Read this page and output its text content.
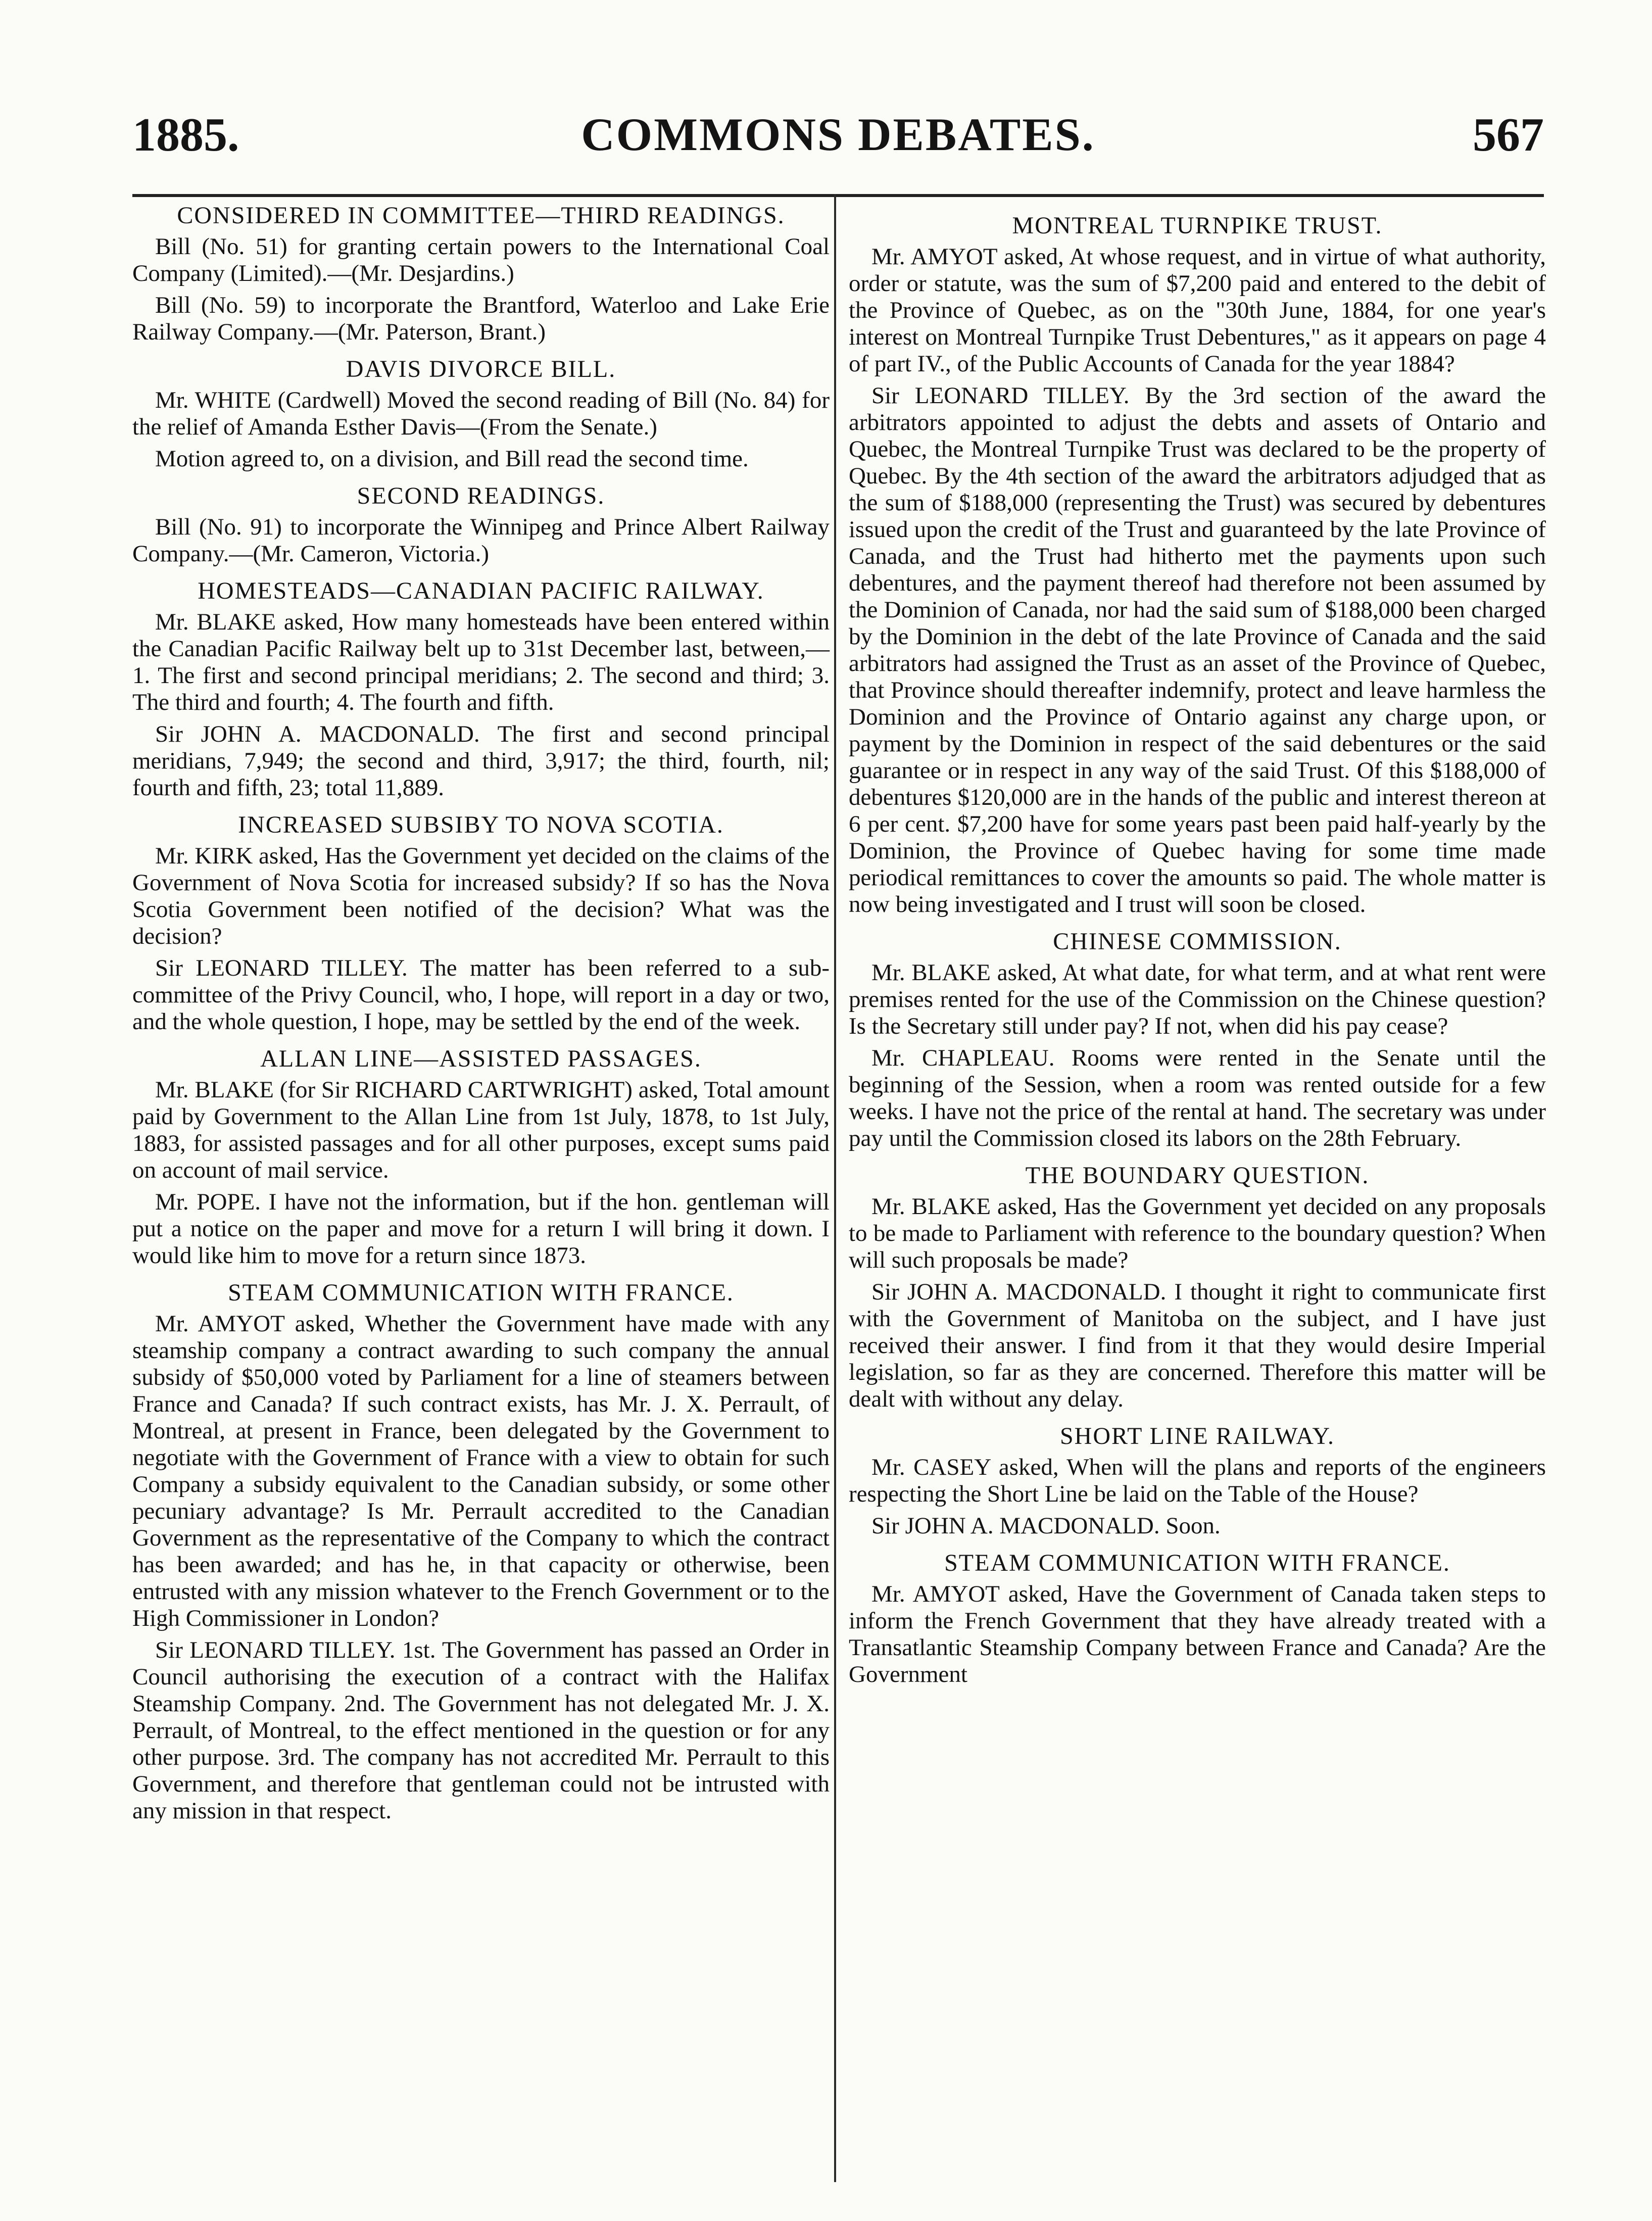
1885.	COMMONS DEBATES.	567
CONSIDERED IN COMMITTEE—THIRD READINGS.

Bill (No. 51) for granting certain powers to the International Coal Company (Limited).—(Mr. Desjardins.)

Bill (No. 59) to incorporate the Brantford, Waterloo and Lake Erie Railway Company.—(Mr. Paterson, Brant.)

DAVIS DIVORCE BILL.

Mr. WHITE (Cardwell) Moved the second reading of Bill (No. 84) for the relief of Amanda Esther Davis—(From the Senate.)

Motion agreed to, on a division, and Bill read the second time.

SECOND READINGS.

Bill (No. 91) to incorporate the Winnipeg and Prince Albert Railway Company.—(Mr. Cameron, Victoria.)

HOMESTEADS—CANADIAN PACIFIC RAILWAY.

Mr. BLAKE asked, How many homesteads have been entered within the Canadian Pacific Railway belt up to 31st December last, between,—1. The first and second principal meridians; 2. The second and third; 3. The third and fourth; 4. The fourth and fifth.

Sir JOHN A. MACDONALD. The first and second principal meridians, 7,949; the second and third, 3,917; the third, fourth, nil; fourth and fifth, 23; total 11,889.

INCREASED SUBSIBY TO NOVA SCOTIA.

Mr. KIRK asked, Has the Government yet decided on the claims of the Government of Nova Scotia for increased subsidy? If so has the Nova Scotia Government been notified of the decision? What was the decision?

Sir LEONARD TILLEY. The matter has been referred to a sub-committee of the Privy Council, who, I hope, will report in a day or two, and the whole question, I hope, may be settled by the end of the week.

ALLAN LINE—ASSISTED PASSAGES.

Mr. BLAKE (for Sir RICHARD CARTWRIGHT) asked, Total amount paid by Government to the Allan Line from 1st July, 1878, to 1st July, 1883, for assisted passages and for all other purposes, except sums paid on account of mail service.

Mr. POPE. I have not the information, but if the hon. gentleman will put a notice on the paper and move for a return I will bring it down. I would like him to move for a return since 1873.

STEAM COMMUNICATION WITH FRANCE.

Mr. AMYOT asked, Whether the Government have made with any steamship company a contract awarding to such company the annual subsidy of $50,000 voted by Parliament for a line of steamers between France and Canada? If such contract exists, has Mr. J. X. Perrault, of Montreal, at present in France, been delegated by the Government to negotiate with the Government of France with a view to obtain for such Company a subsidy equivalent to the Canadian subsidy, or some other pecuniary advantage? Is Mr. Perrault accredited to the Canadian Government as the representative of the Company to which the contract has been awarded; and has he, in that capacity or otherwise, been entrusted with any mission whatever to the French Government or to the High Commissioner in London?

Sir LEONARD TILLEY. 1st. The Government has passed an Order in Council authorising the execution of a contract with the Halifax Steamship Company. 2nd. The Government has not delegated Mr. J. X. Perrault, of Montreal, to the effect mentioned in the question or for any other purpose. 3rd. The company has not accredited Mr. Perrault to this Government, and therefore that gentleman could not be intrusted with any mission in that respect.

MONTREAL TURNPIKE TRUST.

Mr. AMYOT asked, At whose request, and in virtue of what authority, order or statute, was the sum of $7,200 paid and entered to the debit of the Province of Quebec, as on the "30th June, 1884, for one year's interest on Montreal Turnpike Trust Debentures," as it appears on page 4 of part IV., of the Public Accounts of Canada for the year 1884?

Sir LEONARD TILLEY. By the 3rd section of the award the arbitrators appointed to adjust the debts and assets of Ontario and Quebec, the Montreal Turnpike Trust was declared to be the property of Quebec. By the 4th section of the award the arbitrators adjudged that as the sum of $188,000 (representing the Trust) was secured by debentures issued upon the credit of the Trust and guaranteed by the late Province of Canada, and the Trust had hitherto met the payments upon such debentures, and the payment thereof had therefore not been assumed by the Dominion of Canada, nor had the said sum of $188,000 been charged by the Dominion in the debt of the late Province of Canada and the said arbitrators had assigned the Trust as an asset of the Province of Quebec, that Province should thereafter indemnify, protect and leave harmless the Dominion and the Province of Ontario against any charge upon, or payment by the Dominion in respect of the said debentures or the said guarantee or in respect in any way of the said Trust. Of this $188,000 of debentures $120,000 are in the hands of the public and interest thereon at 6 per cent. $7,200 have for some years past been paid half-yearly by the Dominion, the Province of Quebec having for some time made periodical remittances to cover the amounts so paid. The whole matter is now being investigated and I trust will soon be closed.

CHINESE COMMISSION.

Mr. BLAKE asked, At what date, for what term, and at what rent were premises rented for the use of the Commission on the Chinese question? Is the Secretary still under pay? If not, when did his pay cease?

Mr. CHAPLEAU. Rooms were rented in the Senate until the beginning of the Session, when a room was rented outside for a few weeks. I have not the price of the rental at hand. The secretary was under pay until the Commission closed its labors on the 28th February.

THE BOUNDARY QUESTION.

Mr. BLAKE asked, Has the Government yet decided on any proposals to be made to Parliament with reference to the boundary question? When will such proposals be made?

Sir JOHN A. MACDONALD. I thought it right to communicate first with the Government of Manitoba on the subject, and I have just received their answer. I find from it that they would desire Imperial legislation, so far as they are concerned. Therefore this matter will be dealt with without any delay.

SHORT LINE RAILWAY.

Mr. CASEY asked, When will the plans and reports of the engineers respecting the Short Line be laid on the Table of the House?

Sir JOHN A. MACDONALD. Soon.

STEAM COMMUNICATION WITH FRANCE.

Mr. AMYOT asked, Have the Government of Canada taken steps to inform the French Government that they have already treated with a Transatlantic Steamship Company between France and Canada? Are the Government
